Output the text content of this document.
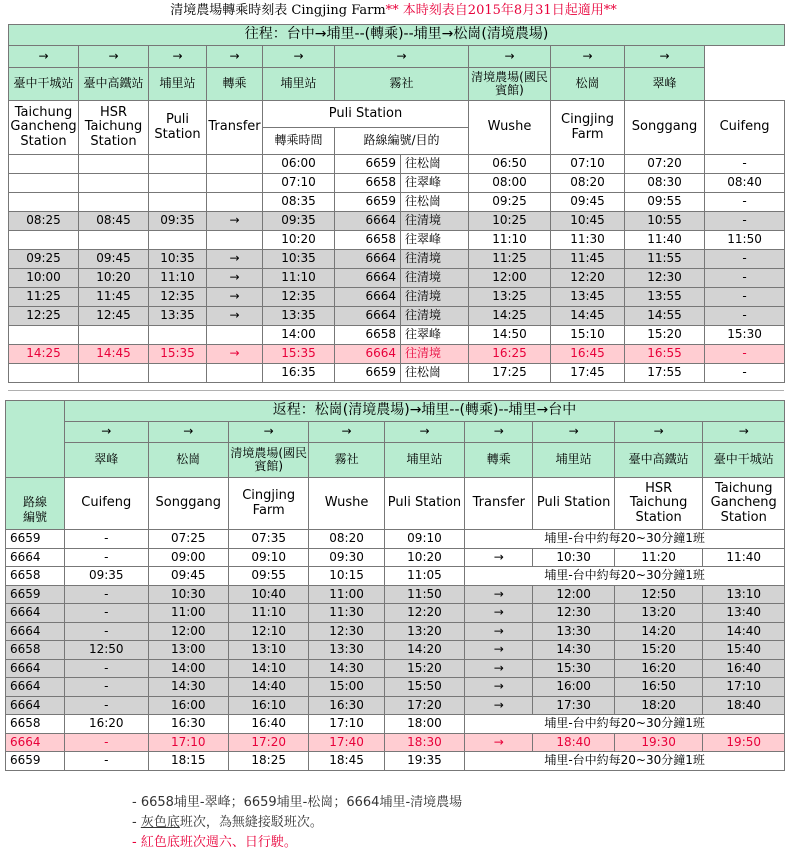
清境農場轉乘時刻表 Cingjing Farm** 本時刻表自2015年8月31日起適用**
往程：台中→埔里--(轉乘)--埔里→松崗(清境農場)										
→	→	→	→	→	→		→	→	→	
臺中干城站	臺中高鐵站	埔里站	轉乘	埔里站	霧社		清境農場(國民賓館)	松崗	翠峰	
Taichung Gancheng Station	HSR Taichung Station	Puli Station	Transfer	Puli Station			Wushe	Cingjing Farm	Songgang	Cuifeng
				轉乘時間	路線編號/目的					
				06:00	6659	往松崗	06:50	07:10	07:20	-
				07:10	6658	往翠峰	08:00	08:20	08:30	08:40
				08:35	6659	往松崗	09:25	09:45	09:55	-
08:25	08:45	09:35	→	09:35	6664	往清境	10:25	10:45	10:55	-
				10:20	6658	往翠峰	11:10	11:30	11:40	11:50
09:25	09:45	10:35	→	10:35	6664	往清境	11:25	11:45	11:55	-
10:00	10:20	11:10	→	11:10	6664	往清境	12:00	12:20	12:30	-
11:25	11:45	12:35	→	12:35	6664	往清境	13:25	13:45	13:55	-
12:25	12:45	13:35	→	13:35	6664	往清境	14:25	14:45	14:55	-
				14:00	6658	往翠峰	14:50	15:10	15:20	15:30
14:25	14:45	15:35	→	15:35	6664	往清境	16:25	16:45	16:55	-
				16:35	6659	往松崗	17:25	17:45	17:55	-
	返程：松崗(清境農場)→埔里--(轉乘)--埔里→台中								
	→	→	→	→	→	→	→	→	→
	翠峰	松崗	清境農場(國民賓館)	霧社	埔里站	轉乘	埔里站	臺中高鐵站	臺中干城站
路線編號	Cuifeng	Songgang	Cingjing Farm	Wushe	Puli Station	Transfer	Puli Station	HSR Taichung Station	Taichung Gancheng Station
6659	-	07:25	07:35	08:20	09:10	埔里-台中約每20~30分鐘1班			
6664	-	09:00	09:10	09:30	10:20	→	10:30	11:20	11:40
6658	09:35	09:45	09:55	10:15	11:05	埔里-台中約每20~30分鐘1班			
6659	-	10:30	10:40	11:00	11:50	→	12:00	12:50	13:10
6664	-	11:00	11:10	11:30	12:20	→	12:30	13:20	13:40
6664	-	12:00	12:10	12:30	13:20	→	13:30	14:20	14:40
6658	12:50	13:00	13:10	13:30	14:20	→	14:30	15:20	15:40
6664	-	14:00	14:10	14:30	15:20	→	15:30	16:20	16:40
6664	-	14:30	14:40	15:00	15:50	→	16:00	16:50	17:10
6664	-	16:00	16:10	16:30	17:20	→	17:30	18:20	18:40
6658	16:20	16:30	16:40	17:10	18:00	埔里-台中約每20~30分鐘1班			
6664	-	17:10	17:20	17:40	18:30	→	18:40	19:30	19:50
6659	-	18:15	18:25	18:45	19:35	埔里-台中約每20~30分鐘1班			
- 6658埔里-翠峰；6659埔里-松崗；6664埔里-清境農場
- 灰色底班次，為無縫接駁班次。
- 紅色底班次週六、日行駛。
